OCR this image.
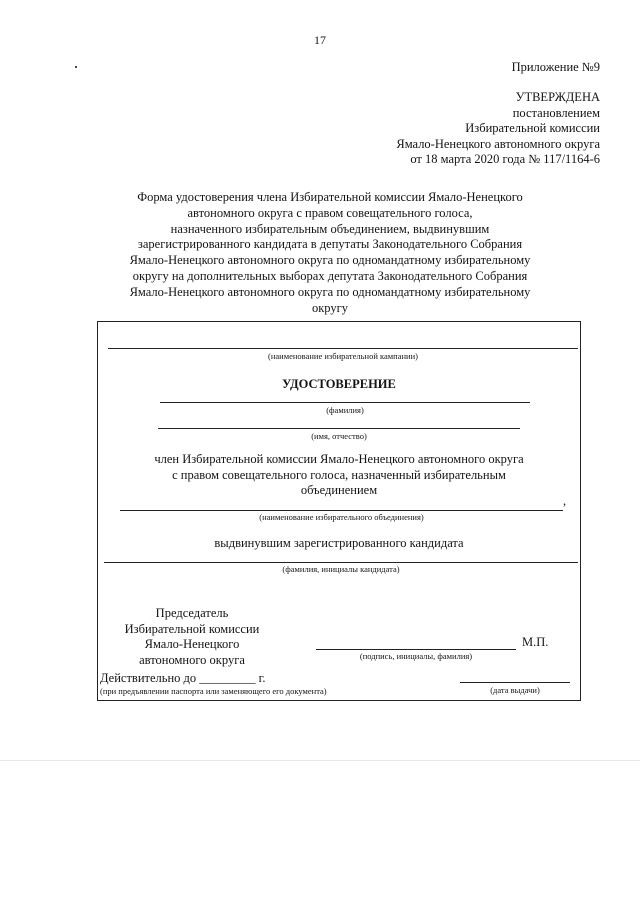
17
Приложение №9
УТВЕРЖДЕНА
постановлением
Избирательной комиссии
Ямало-Ненецкого автономного округа
от 18 марта 2020 года № 117/1164-6
Форма удостоверения члена Избирательной комиссии Ямало-Ненецкого
автономного округа с правом совещательного голоса,
назначенного избирательным объединением, выдвинувшим
зарегистрированного кандидата в депутаты Законодательного Собрания
Ямало-Ненецкого автономного округа по одномандатному избирательному
округу на дополнительных выборах депутата Законодательного Собрания
Ямало-Ненецкого автономного округа по одномандатному избирательному
округу
(наименование избирательной кампании)
УДОСТОВЕРЕНИЕ
(фамилия)
(имя, отчество)
член Избирательной комиссии Ямало-Ненецкого автономного округа
с правом совещательного голоса, назначенный избирательным
объединением
,
(наименование избирательного объединения)
выдвинувшим зарегистрированного кандидата
(фамилия, инициалы кандидата)
Председатель
Избирательной комиссии
Ямало-Ненецкого
автономного округа
М.П.
(подпись, инициалы, фамилия)
Действительно до _________ г.
(при предъявлении паспорта или заменяющего его документа)	(дата выдачи)
